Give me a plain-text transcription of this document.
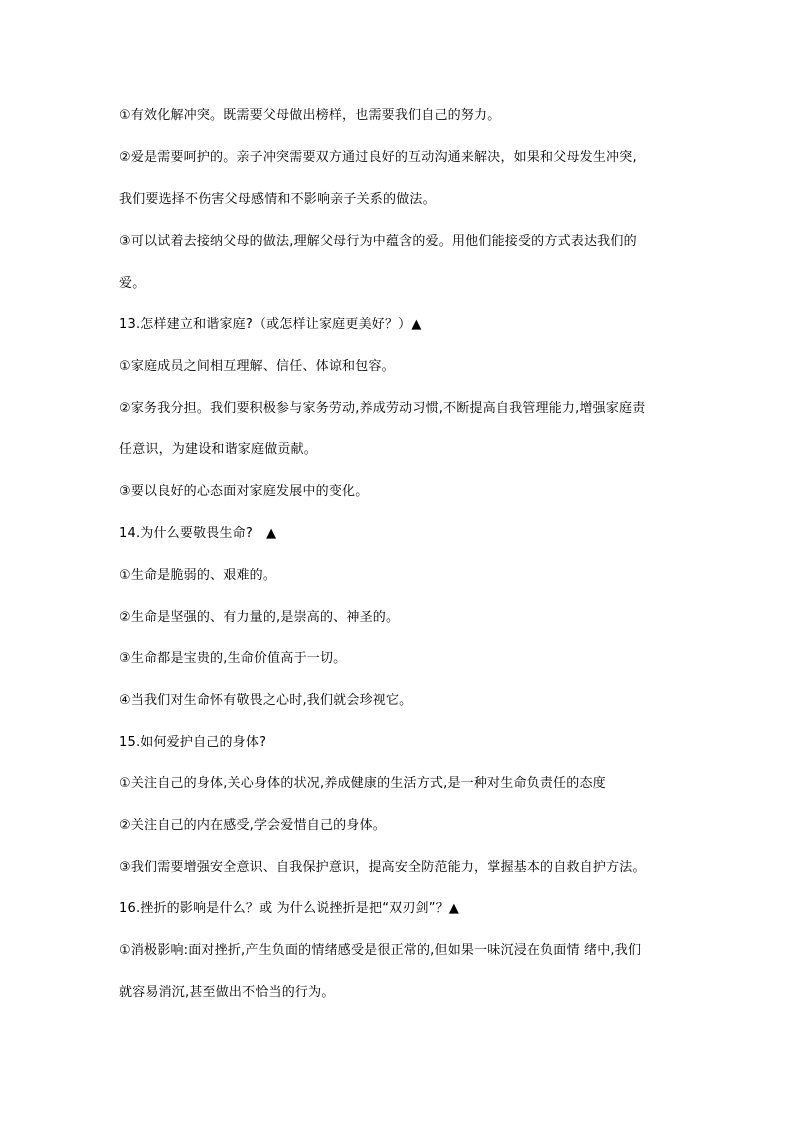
①有效化解冲突。既需要父母做出榜样，也需要我们自己的努力。
②爱是需要呵护的。亲子冲突需要双方通过良好的互动沟通来解决，如果和父母发生冲突,
我们要选择不伤害父母感情和不影响亲子关系的做法。
③可以试着去接纳父母的做法,理解父母行为中蕴含的爱。用他们能接受的方式表达我们的
爱。
13.怎样建立和谐家庭?（或怎样让家庭更美好？）▲
①家庭成员之间相互理解、信任、体谅和包容。
②家务我分担。我们要积极参与家务劳动,养成劳动习惯,不断提高自我管理能力,增强家庭责
任意识，为建设和谐家庭做贡献。
③要以良好的心态面对家庭发展中的变化。
14.为什么要敬畏生命?　▲
①生命是脆弱的、艰难的。
②生命是坚强的、有力量的,是崇高的、神圣的。
③生命都是宝贵的,生命价值高于一切。
④当我们对生命怀有敬畏之心时,我们就会珍视它。
15.如何爱护自己的身体?
①关注自己的身体,关心身体的状况,养成健康的生活方式,是一种对生命负责任的态度
②关注自己的内在感受,学会爱惜自己的身体。
③我们需要增强安全意识、自我保护意识，提高安全防范能力，掌握基本的自救自护方法。
16.挫折的影响是什么？或 为什么说挫折是把“双刃剑”？▲
①消极影响:面对挫折,产生负面的情绪感受是很正常的,但如果一味沉浸在负面情 绪中,我们
就容易消沉,甚至做出不恰当的行为。
